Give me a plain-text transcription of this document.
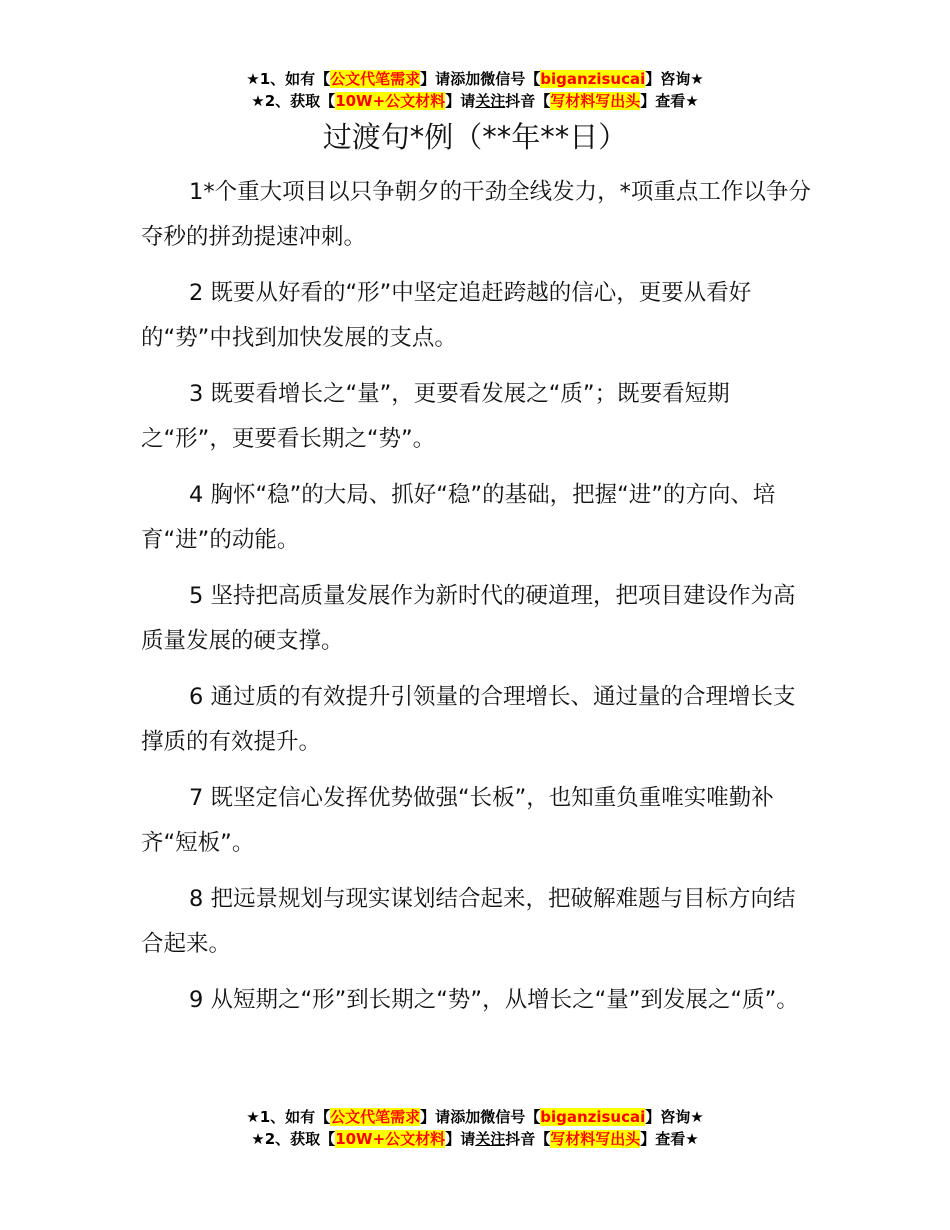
★1、如有【公文代笔需求】请添加微信号【biganzisucai】咨询★
★2、获取【10W+公文材料】请关注抖音【写材料写出头】查看★
过渡句*例（**年**日）

1*个重大项目以只争朝夕的干劲全线发力，*项重点工作以争分夺秒的拼劲提速冲刺。

2 既要从好看的“形”中坚定追赶跨越的信心，更要从看好的“势”中找到加快发展的支点。

3 既要看增长之“量”，更要看发展之“质”；既要看短期之“形”，更要看长期之“势”。

4 胸怀“稳”的大局、抓好“稳”的基础，把握“进”的方向、培育“进”的动能。

5 坚持把高质量发展作为新时代的硬道理，把项目建设作为高质量发展的硬支撑。

6 通过质的有效提升引领量的合理增长、通过量的合理增长支撑质的有效提升。

7 既坚定信心发挥优势做强“长板”，也知重负重唯实唯勤补齐“短板”。

8 把远景规划与现实谋划结合起来，把破解难题与目标方向结合起来。

9 从短期之“形”到长期之“势”，从增长之“量”到发展之“质”。

★1、如有【公文代笔需求】请添加微信号【biganzisucai】咨询★
★2、获取【10W+公文材料】请关注抖音【写材料写出头】查看★
